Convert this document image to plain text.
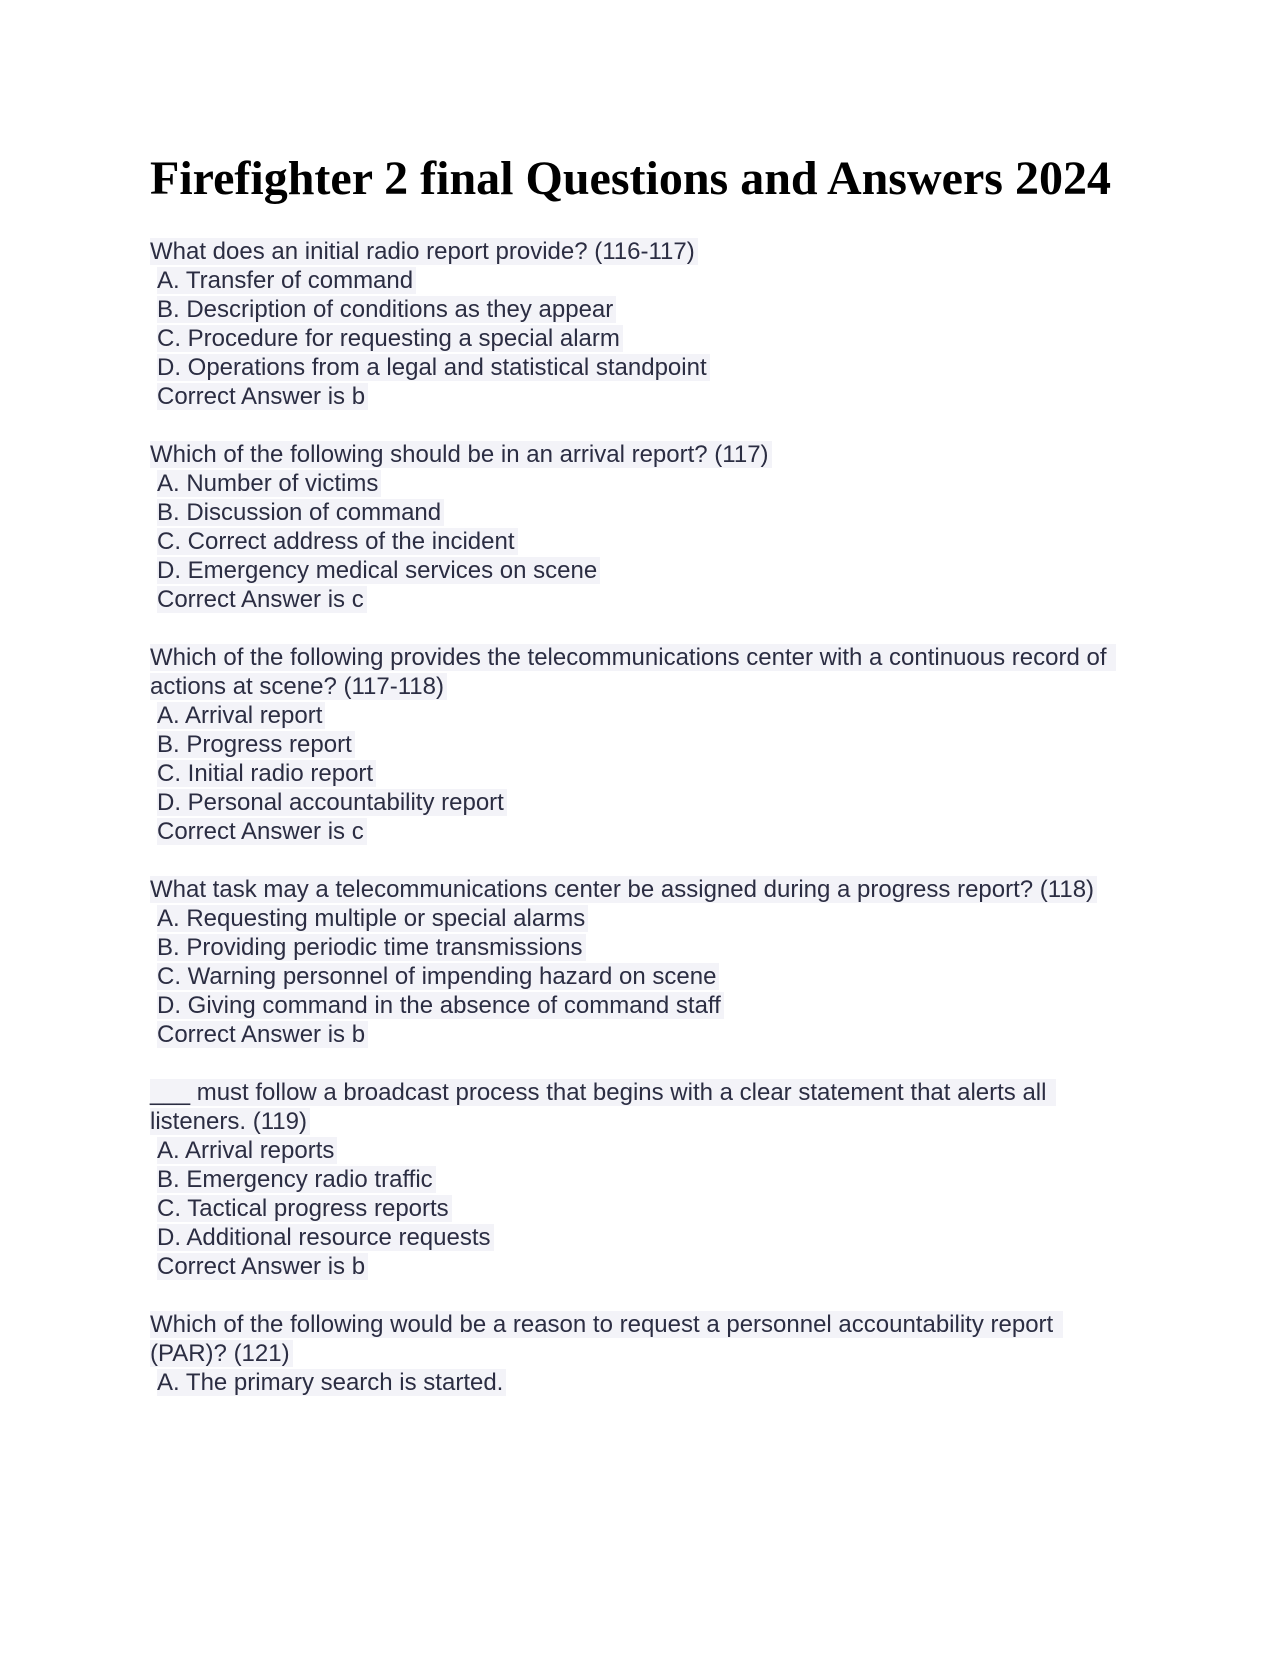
Firefighter 2 final Questions and Answers 2024
What does an initial radio report provide? (116-117)
A. Transfer of command
B. Description of conditions as they appear
C. Procedure for requesting a special alarm
D. Operations from a legal and statistical standpoint
Correct Answer is b
Which of the following should be in an arrival report? (117)
A. Number of victims
B. Discussion of command
C. Correct address of the incident
D. Emergency medical services on scene
Correct Answer is c
Which of the following provides the telecommunications center with a continuous record of actions at scene? (117-118)
A. Arrival report
B. Progress report
C. Initial radio report
D. Personal accountability report
Correct Answer is c
What task may a telecommunications center be assigned during a progress report? (118)
A. Requesting multiple or special alarms
B. Providing periodic time transmissions
C. Warning personnel of impending hazard on scene
D. Giving command in the absence of command staff
Correct Answer is b
___ must follow a broadcast process that begins with a clear statement that alerts all listeners. (119)
A. Arrival reports
B. Emergency radio traffic
C. Tactical progress reports
D. Additional resource requests
Correct Answer is b
Which of the following would be a reason to request a personnel accountability report (PAR)? (121)
A. The primary search is started.
